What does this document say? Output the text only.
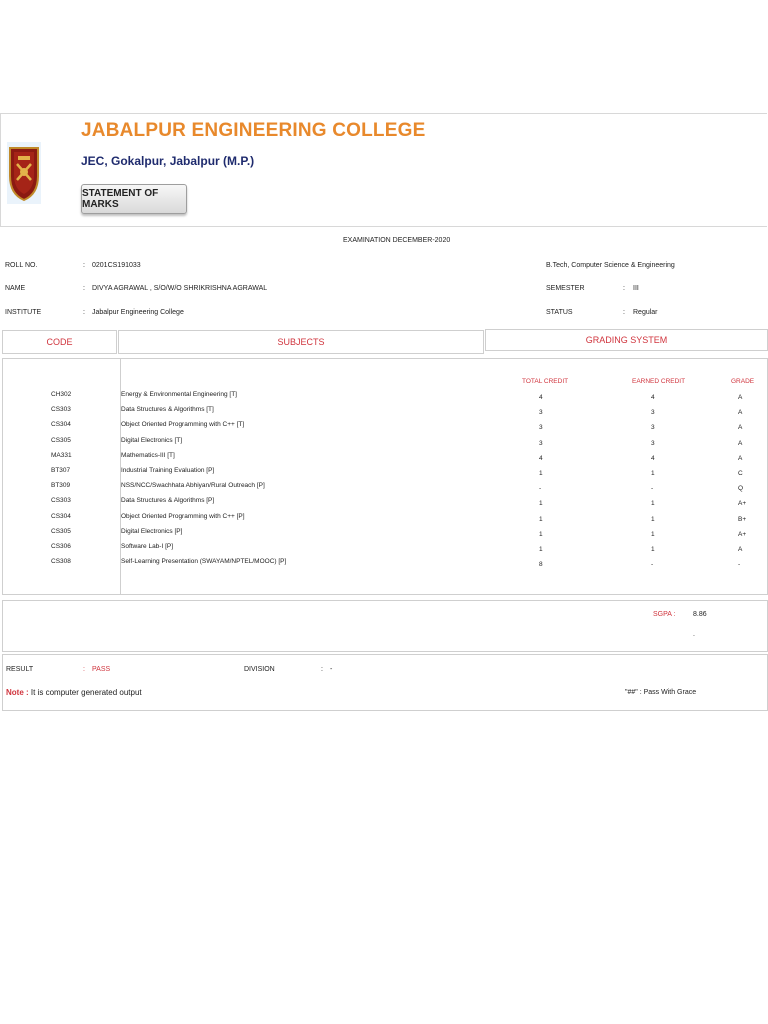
JABALPUR ENGINEERING COLLEGE
JEC, Gokalpur, Jabalpur (M.P.)
STATEMENT OF MARKS
EXAMINATION DECEMBER-2020
ROLL NO.	: 0201CS191033	B.Tech, Computer Science & Engineering
NAME	: DIVYA AGRAWAL , S/O/W/O SHRIKRISHNA AGRAWAL	SEMESTER	: III
INSTITUTE	: Jabalpur Engineering College	STATUS	: Regular
CODE	SUBJECTS	GRADING SYSTEM
TOTAL CREDIT	EARNED CREDIT	GRADE
CH302	Energy & Environmental Engineering [T]	4	4	A
CS303	Data Structures & Algorithms [T]	3	3	A
CS304	Object Oriented Programming with C++ [T]	3	3	A
CS305	Digital Electronics [T]	3	3	A
MA331	Mathematics-III [T]	4	4	A
BT307	Industrial Training Evaluation [P]	1	1	C
BT309	NSS/NCC/Swachhata Abhiyan/Rural Outreach [P]	-	-	Q
CS303	Data Structures & Algorithms [P]	1	1	A+
CS304	Object Oriented Programming with C++ [P]	1	1	B+
CS305	Digital Electronics [P]	1	1	A+
CS306	Software Lab-I [P]	1	1	A
CS308	Self-Learning Presentation (SWAYAM/NPTEL/MOOC) [P]	8	-	-
SGPA :	8.86
.
RESULT	: PASS	DIVISION	: -
Note : It is computer generated output	"##" : Pass With Grace
